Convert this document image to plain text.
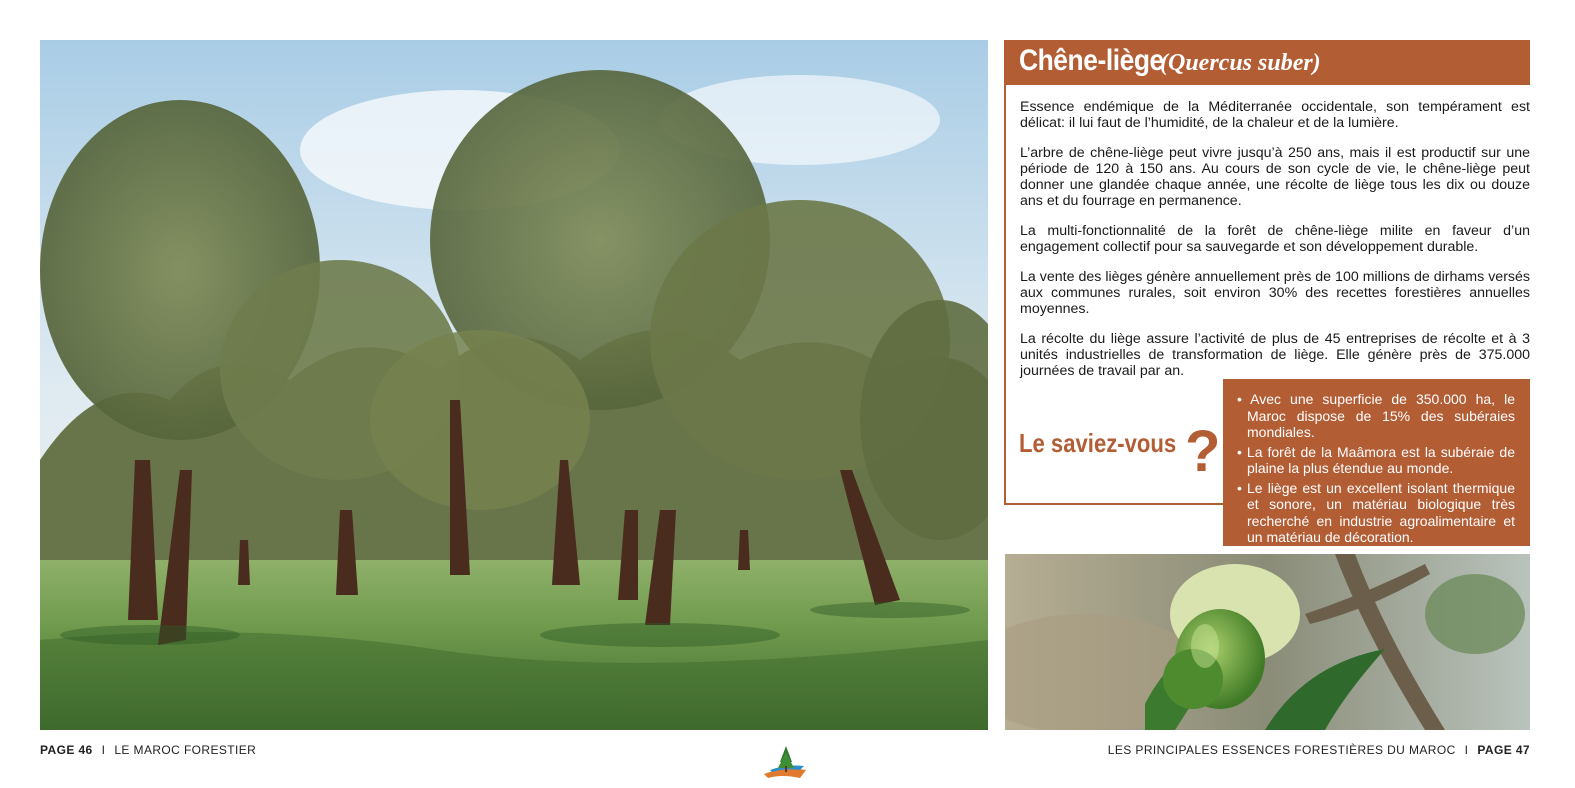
Chêne-liège (Quercus suber)

Essence endémique de la Méditerranée occidentale, son tempérament est délicat: il lui faut de l’humidité, de la chaleur et de la lumière.

L’arbre de chêne-liège peut vivre jusqu’à 250 ans, mais il est productif sur une période de 120 à 150 ans. Au cours de son cycle de vie, le chêne-liège peut donner une glandée chaque année, une récolte de liège tous les dix ou douze ans et du fourrage en permanence.

La multi-fonctionnalité de la forêt de chêne-liège milite en faveur d’un engagement collectif pour sa sauvegarde et son développement durable.

La vente des lièges génère annuellement près de 100 millions de dirhams versés aux communes rurales, soit environ 30% des recettes forestières annuelles moyennes.

La récolte du liège assure l’activité de plus de 45 entreprises de récolte et à 3 unités industrielles de transformation de liège. Elle génère près de 375.000 journées de travail par an.

Le saviez-vous ?
• Avec une superficie de 350.000 ha, le Maroc dispose de 15% des subéraies mondiales.
• La forêt de la Maâmora est la subéraie de plaine la plus étendue au monde.
• Le liège est un excellent isolant thermique et sonore, un matériau biologique très recherché en industrie agroalimentaire et un matériau de décoration.
PAGE 46 I LE MAROC FORESTIER	LES PRINCIPALES ESSENCES FORESTIÈRES DU MAROC I PAGE 47
